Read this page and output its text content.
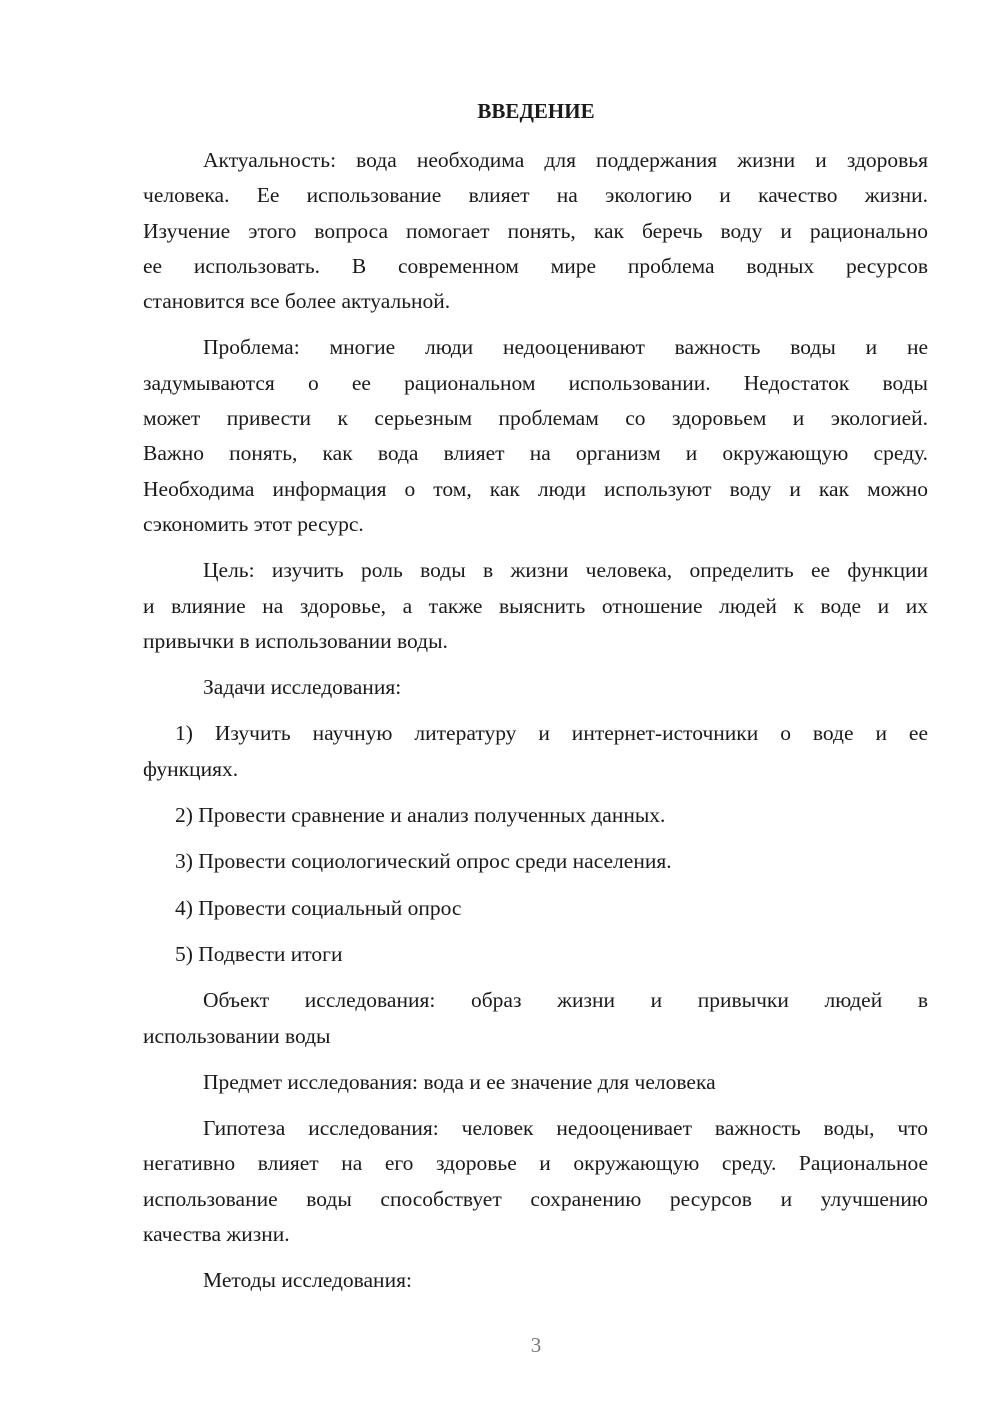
ВВЕДЕНИЕ
Актуальность: вода необходима для поддержания жизни и здоровья
человека. Ее использование влияет на экологию и качество жизни.
Изучение этого вопроса помогает понять, как беречь воду и рационально
ее использовать. В современном мире проблема водных ресурсов
становится все более актуальной.
Проблема: многие люди недооценивают важность воды и не
задумываются о ее рациональном использовании. Недостаток воды
может привести к серьезным проблемам со здоровьем и экологией.
Важно понять, как вода влияет на организм и окружающую среду.
Необходима информация о том, как люди используют воду и как можно
сэкономить этот ресурс.
Цель: изучить роль воды в жизни человека, определить ее функции
и влияние на здоровье, а также выяснить отношение людей к воде и их
привычки в использовании воды.
Задачи исследования:
1) Изучить научную литературу и интернет-источники о воде и ее
функциях.
2) Провести сравнение и анализ полученных данных.
3) Провести социологический опрос среди населения.
4) Провести социальный опрос
5) Подвести итоги
Объект исследования: образ жизни и привычки людей в
использовании воды
Предмет исследования: вода и ее значение для человека
Гипотеза исследования: человек недооценивает важность воды, что
негативно влияет на его здоровье и окружающую среду. Рациональное
использование воды способствует сохранению ресурсов и улучшению
качества жизни.
Методы исследования:
3
